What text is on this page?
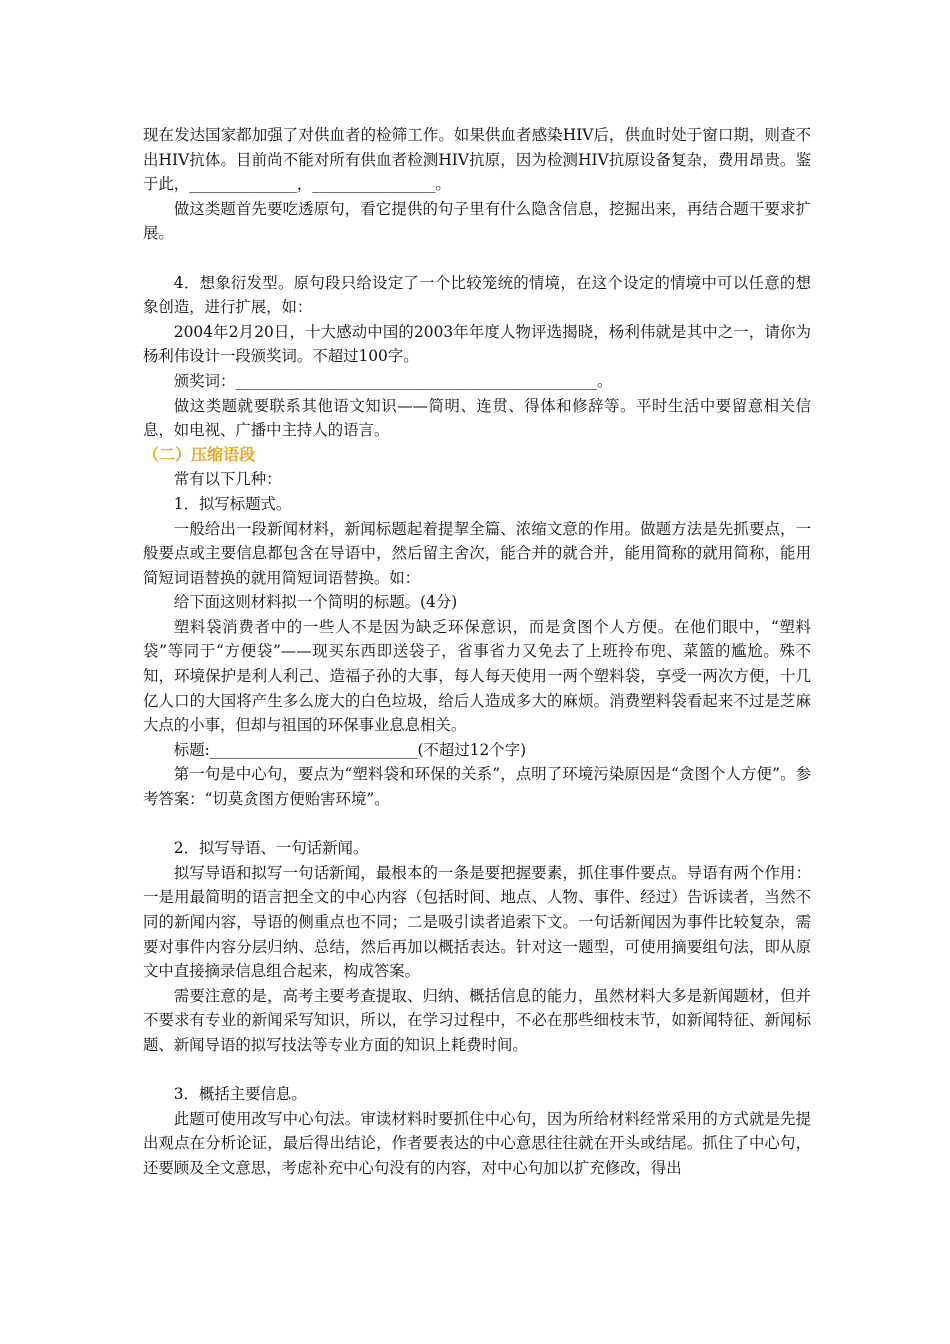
现在发达国家都加强了对供血者的检筛工作。如果供血者感染HIV后，供血时处于窗口期，则查不出HIV抗体。目前尚不能对所有供血者检测HIV抗原，因为检测HIV抗原设备复杂，费用昂贵。鉴于此，______________，________________。

做这类题首先要吃透原句，看它提供的句子里有什么隐含信息，挖掘出来，再结合题干要求扩展。

4．想象衍发型。原句段只给设定了一个比较笼统的情境，在这个设定的情境中可以任意的想象创造，进行扩展，如：

2004年2月20日，十大感动中国的2003年年度人物评选揭晓，杨利伟就是其中之一，请你为杨利伟设计一段颁奖词。不超过100字。

颁奖词：_______________________________________________。

做这类题就要联系其他语文知识——简明、连贯、得体和修辞等。平时生活中要留意相关信息，如电视、广播中主持人的语言。

（二）压缩语段

常有以下几种：

1．拟写标题式。

一般给出一段新闻材料，新闻标题起着提挈全篇、浓缩文意的作用。做题方法是先抓要点，一般要点或主要信息都包含在导语中，然后留主舍次，能合并的就合并，能用简称的就用简称，能用简短词语替换的就用简短词语替换。如：

给下面这则材料拟一个简明的标题。(4分)

塑料袋消费者中的一些人不是因为缺乏环保意识，而是贪图个人方便。在他们眼中，“塑料袋”等同于“方便袋”——现买东西即送袋子，省事省力又免去了上班拎布兜、菜篮的尴尬。殊不知，环境保护是利人利己、造福子孙的大事，每人每天使用一两个塑料袋，享受一两次方便，十几亿人口的大国将产生多么庞大的白色垃圾，给后人造成多大的麻烦。消费塑料袋看起来不过是芝麻大点的小事，但却与祖国的环保事业息息相关。

标题:___________________________(不超过12个字)

第一句是中心句，要点为“塑料袋和环保的关系”，点明了环境污染原因是“贪图个人方便”。参考答案：“切莫贪图方便贻害环境”。

2．拟写导语、一句话新闻。

拟写导语和拟写一句话新闻，最根本的一条是要把握要素，抓住事件要点。导语有两个作用：一是用最简明的语言把全文的中心内容（包括时间、地点、人物、事件、经过）告诉读者，当然不同的新闻内容，导语的侧重点也不同；二是吸引读者追索下文。一句话新闻因为事件比较复杂，需要对事件内容分层归纳、总结，然后再加以概括表达。针对这一题型，可使用摘要组句法，即从原文中直接摘录信息组合起来，构成答案。

需要注意的是，高考主要考查提取、归纳、概括信息的能力，虽然材料大多是新闻题材，但并不要求有专业的新闻采写知识，所以，在学习过程中，不必在那些细枝末节，如新闻特征、新闻标题、新闻导语的拟写技法等专业方面的知识上耗费时间。

3．概括主要信息。

此题可使用改写中心句法。审读材料时要抓住中心句，因为所给材料经常采用的方式就是先提出观点在分析论证，最后得出结论，作者要表达的中心意思往往就在开头或结尾。抓住了中心句，还要顾及全文意思，考虑补充中心句没有的内容，对中心句加以扩充修改，得出
